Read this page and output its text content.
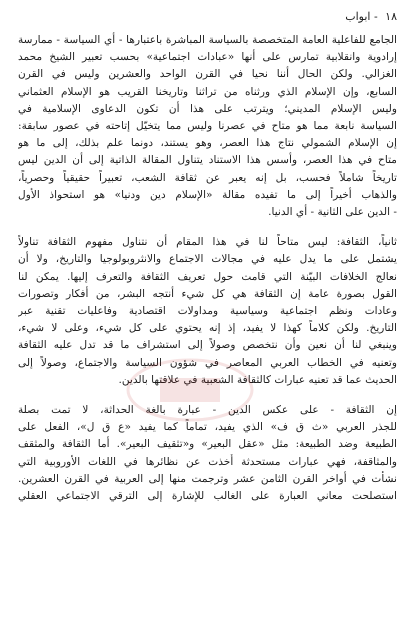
١٨ - ابواب

الجامع للفاعلية العامة المتخصصة بالسياسة المباشرة باعتبارها - أي السياسة - ممارسة
إرادوية وانقلابية تمارس على أنها «عبادات اجتماعية» بحسب تعبير الشيخ محمد
الغزالي. ولكن الحال أننا نحيا في القرن الواحد والعشرين وليس في القرن
السابع، وإن الإسلام الذي ورثناه من تراثنا وتاريخنا القريب هو الإسلام العثماني
وليس الإسلام المديني؛ ويترتب على هذا أن تكون الدعاوى الإسلامية في
السياسة نابعة مما هو متاح في عصرنا وليس مما يتخيّل إتاحته في عصور سابقة:
إن الإسلام الشمولي نتاج هذا العصر، وهو يستند، دونما علم بذلك، إلى ما هو
متاح في هذا العصر، وأسس هذا الاستناد يتناول المقالة الذاتية إلى أن الدين ليس
تاريخاً شاملاً فحسب، بل إنه يعبر عن ثقافة الشعب، تعبيراً حقيقياً وحصرياً،
والذهاب أخيراً إلى ما تفيده مقالة «الإسلام دين ودنيا» هو استحواذ الأول
- الدين على الثانية - أي الدنيا.

ثانياً، الثقافة: ليس متاحاً لنا في هذا المقام أن نتناول مفهوم الثقافة تناولاً
يشتمل على ما يدل عليه في مجالات الاجتماع والانثروبولوجيا والتاريخ، ولا أن
نعالج الخلافات البيّنة التي قامت حول تعريف الثقافة والتعرف إليها. يمكن لنا
القول بصورة عامة إن الثقافة هي كل شيء أنتجه البشر، من أفكار وتصورات
وعادات ونظم اجتماعية وسياسية ومداولات اقتصادية وفاعليات تقنية عبر
التاريخ. ولكن كلاماً كهذا لا يفيد، إذ إنه يحتوي على كل شيء، وعلى لا شيء،
وينبغي لنا أن نعين وأن نتخصص وصولاً إلى استشراف ما قد تدل عليه الثقافة
وتعنيه في الخطاب العربي المعاصر في شؤون السياسة والاجتماع، وصولاً إلى
الحديث عما قد تعنيه عبارات كالثقافة الشعبية في علاقتها بالدين.

إن الثقافة - على عكس الدين - عبارة بالغة الحداثة، لا تمت بصلة
للجذر العربي «ث ق ف» الذي يفيد، تماماً كما يفيد «ع ق ل»، الفعل على
الطبيعة وضد الطبيعة: مثل «عقل البعير» و«تثقيف البعير». أما الثقافة والمثقف
والمثاقفة، فهي عبارات مستحدثة أُخذت عن نظائرها في اللغات الأوروبية التي
نشأت في أواخر القرن الثامن عشر وترجمت منها إلى العربية في القرن العشرين.
استصلحت معاني العبارة على الغالب للإشارة إلى الترقي الاجتماعي العقلي
